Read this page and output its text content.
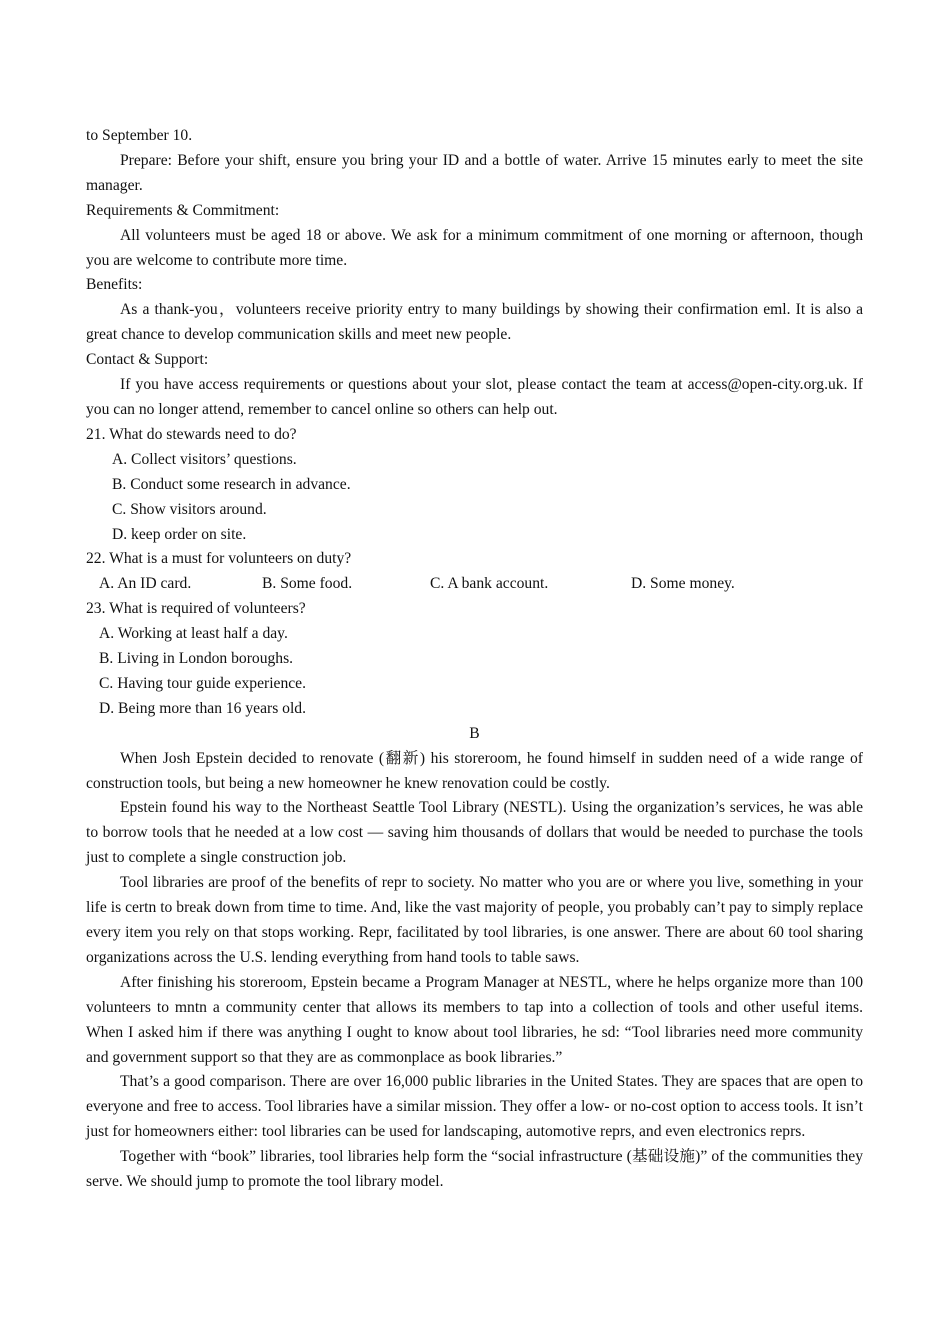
to September 10.

Prepare: Before your shift, ensure you bring your ID and a bottle of water. Arrive 15 minutes early to meet the site manager.

Requirements & Commitment:

All volunteers must be aged 18 or above. We ask for a minimum commitment of one morning or afternoon, though you are welcome to contribute more time.

Benefits:

As a thank-you，volunteers receive priority entry to many buildings by showing their confirmation eml. It is also a great chance to develop communication skills and meet new people.

Contact & Support:

If you have access requirements or questions about your slot, please contact the team at access@open-city.org.uk. If you can no longer attend, remember to cancel online so others can help out.

21. What do stewards need to do?

A. Collect visitors’ questions.

B. Conduct some research in advance.

C. Show visitors around.

D. keep order on site.

22. What is a must for volunteers on duty?

A. An ID card.	B. Some food.	C. A bank account.	D. Some money.

23. What is required of volunteers?

A. Working at least half a day.

B. Living in London boroughs.

C. Having tour guide experience.

D. Being more than 16 years old.

B

When Josh Epstein decided to renovate (翻新) his storeroom, he found himself in sudden need of a wide range of construction tools, but being a new homeowner he knew renovation could be costly.

Epstein found his way to the Northeast Seattle Tool Library (NESTL). Using the organization’s services, he was able to borrow tools that he needed at a low cost — saving him thousands of dollars that would be needed to purchase the tools just to complete a single construction job.

Tool libraries are proof of the benefits of repr to society. No matter who you are or where you live, something in your life is certn to break down from time to time. And, like the vast majority of people, you probably can’t pay to simply replace every item you rely on that stops working. Repr, facilitated by tool libraries, is one answer. There are about 60 tool sharing organizations across the U.S. lending everything from hand tools to table saws.

After finishing his storeroom, Epstein became a Program Manager at NESTL, where he helps organize more than 100 volunteers to mntn a community center that allows its members to tap into a collection of tools and other useful items. When I asked him if there was anything I ought to know about tool libraries, he sd: “Tool libraries need more community and government support so that they are as commonplace as book libraries.”

That’s a good comparison. There are over 16,000 public libraries in the United States. They are spaces that are open to everyone and free to access. Tool libraries have a similar mission. They offer a low- or no-cost option to access tools. It isn’t just for homeowners either: tool libraries can be used for landscaping, automotive reprs, and even electronics reprs.

Together with “book” libraries, tool libraries help form the “social infrastructure (基础设施)” of the communities they serve. We should jump to promote the tool library model.
